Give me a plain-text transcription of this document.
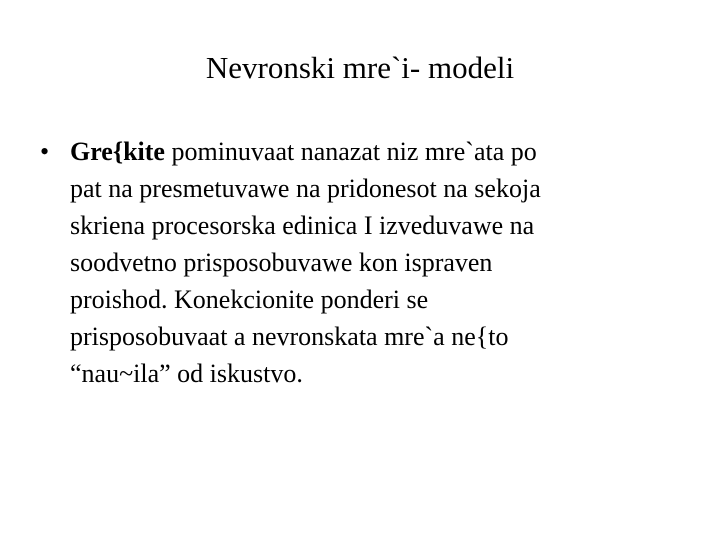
Nevronski mre`i- modeli
• Gre{kite pominuvaat nanazat niz mre`ata po
pat na presmetuvawe na pridonesot na sekoja
skriena procesorska edinica I izveduvawe na
soodvetno prisposobuvawe kon ispraven
proishod. Konekcionite ponderi se
prisposobuvaat a nevronskata mre`a ne{to
“nau~ila” od iskustvo.
